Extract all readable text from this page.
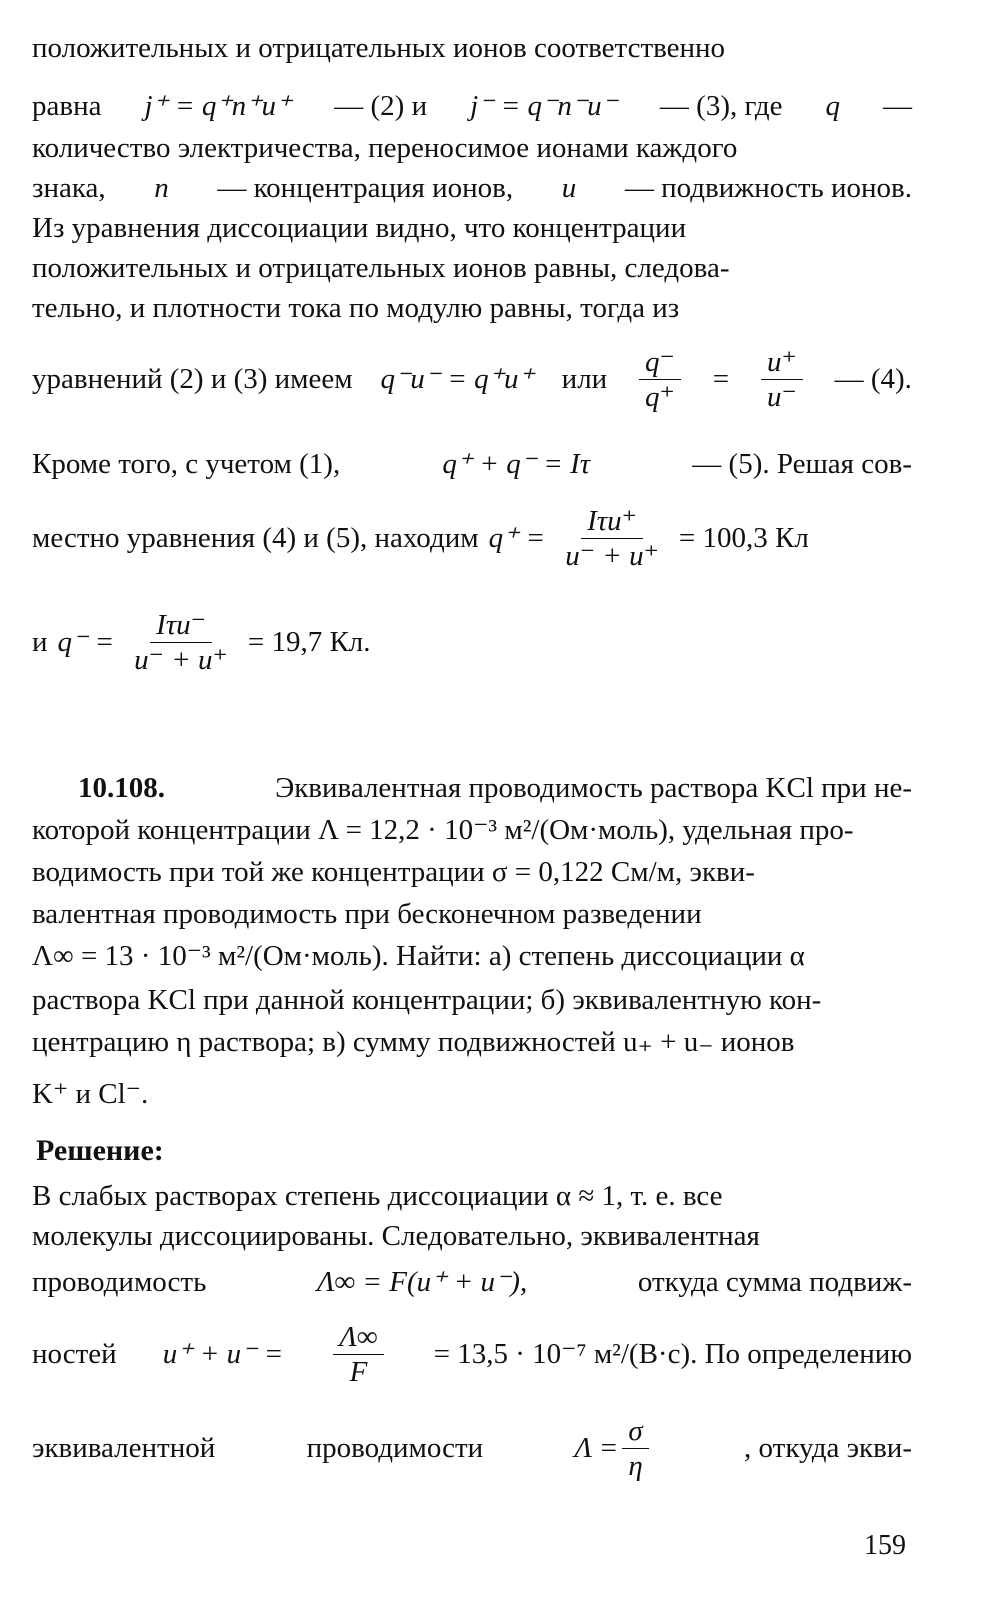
положительных и отрицательных ионов соответственно
равна j⁺ = q⁺n⁺u⁺ — (2) и j⁻ = q⁻n⁻u⁻ — (3), где q —
количество электричества, переносимое ионами каждого
знака, n — концентрация ионов, u — подвижность ионов.
Из уравнения диссоциации видно, что концентрации
положительных и отрицательных ионов равны, следова-
тельно, и плотности тока по модулю равны, тогда из
уравнений (2) и (3) имеем q⁻u⁻ = q⁺u⁺ или $\frac{q^-}{q^+} = \frac{u^+}{u^-}$ — (4).
Кроме того, с учетом (1),	q⁺ + q⁻ = Iτ	— (5). Решая сов-
местно уравнения (4) и (5), находим $q^+ = \frac{\text{Iτu⁺}}{u^- + u^+} = 100,3$ Кл
и $q^- = \frac{\text{Iτu⁻}}{u^- + u^+} = 19,7$ Кл.
10.108.	Эквивалентная проводимость раствора KCl при не-
которой концентрации Λ = 12,2 · 10⁻³ м²/(Ом·моль), удельная про-
водимость при той же концентрации σ = 0,122 См/м, экви-
валентная проводимость при бесконечном разведении
Λ∞ = 13 · 10⁻³ м²/(Ом·моль). Найти: а) степень диссоциации α
раствора KCl при данной концентрации; б) эквивалентную кон-
центрацию η раствора; в) сумму подвижностей u₊ + u₋ ионов
K⁺ и Cl⁻.
Решение:
В слабых растворах степень диссоциации α ≈ 1, т. е. все
молекулы диссоциированы. Следовательно, эквивалентная
проводимость	Λ∞ = F(u⁺ + u⁻),	откуда сумма подвиж-
ностей $u^+ + u^- = \frac{\Lambda\infty}{F} = 13,5 \cdot 10^{-7}$ м²/(В·с). По определению
эквивалентной	проводимости	$\Lambda = \frac{\sigma}{\eta}$	, откуда экви-
159
